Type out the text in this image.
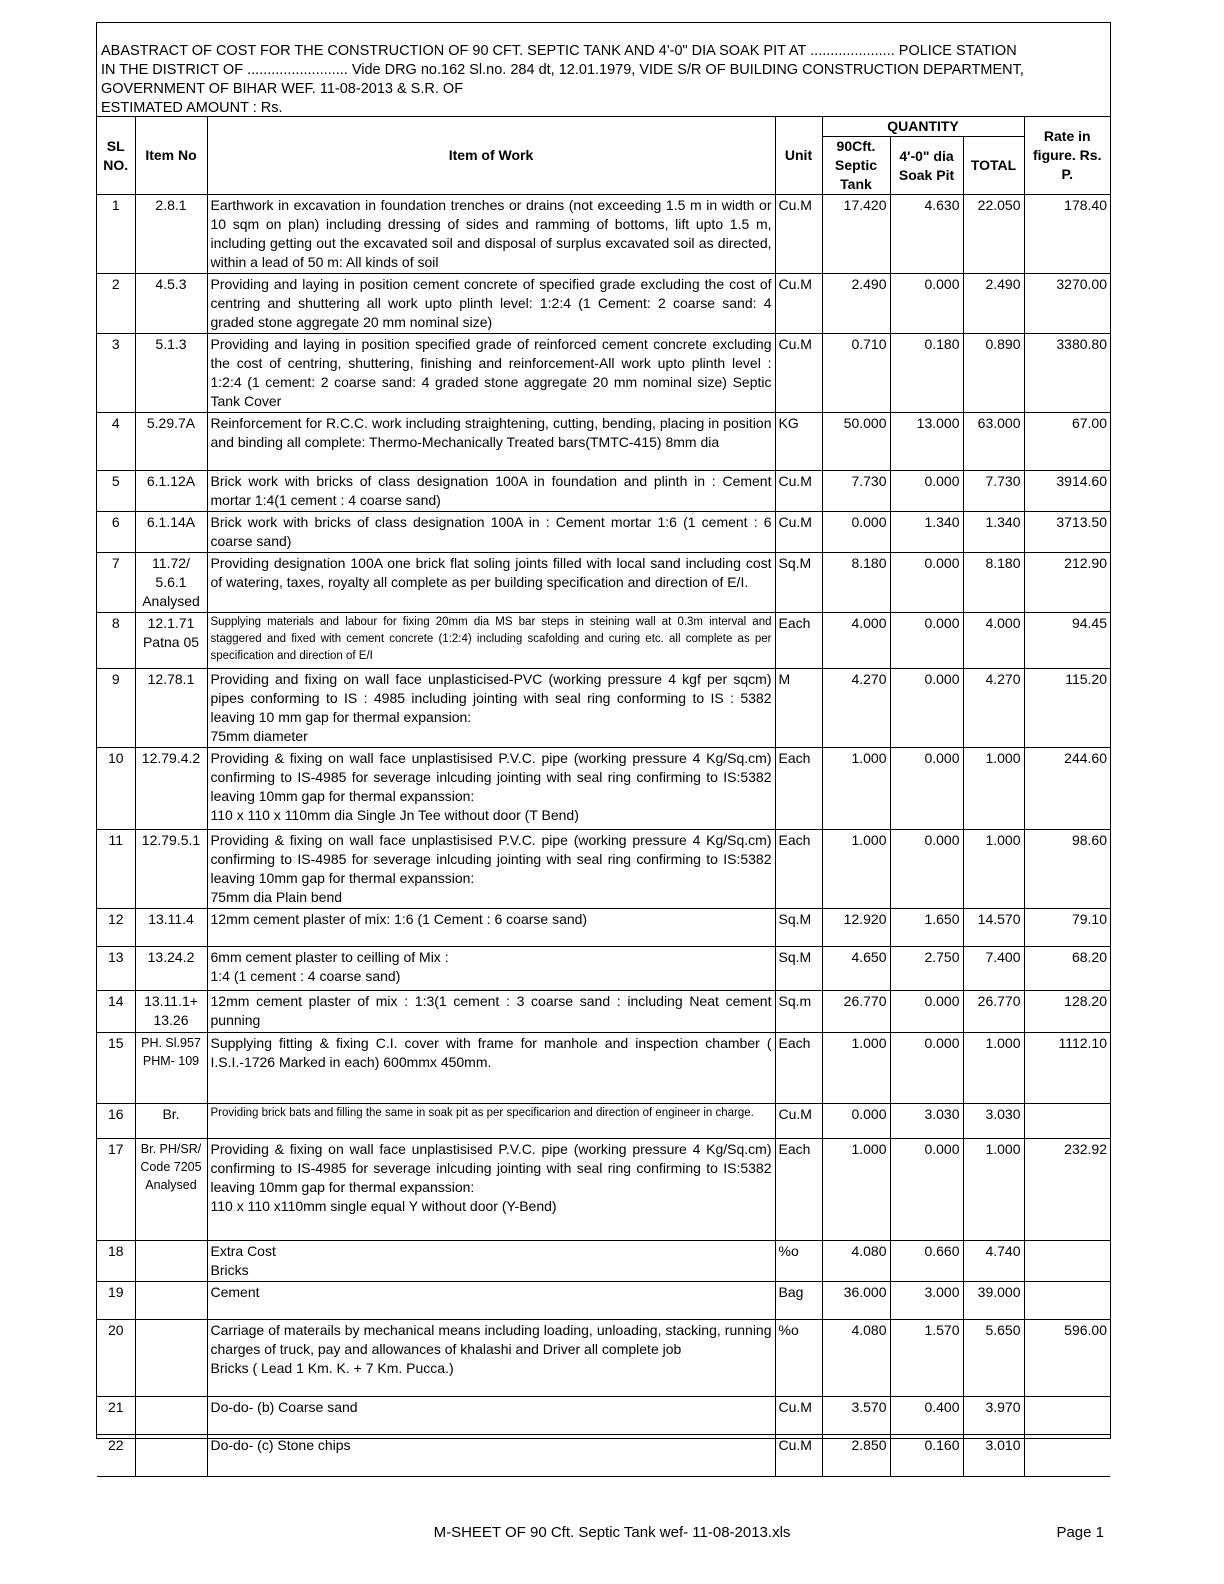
ABASTRACT OF COST FOR THE CONSTRUCTION OF 90 CFT. SEPTIC TANK AND 4'-0" DIA SOAK PIT AT ..................... POLICE STATION
IN THE DISTRICT OF ......................... Vide DRG no.162 Sl.no. 284 dt, 12.01.1979, VIDE S/R OF BUILDING CONSTRUCTION DEPARTMENT,
GOVERNMENT OF BIHAR WEF. 11-08-2013 & S.R. OF
ESTIMATED AMOUNT : Rs.
SL NO.	Item No	Item of Work	Unit	QUANTITY			Rate in figure. Rs. P.
				90Cft. Septic Tank	4'-0" dia Soak Pit	TOTAL	
1	2.8.1	Earthwork in excavation in foundation trenches or drains (not exceeding 1.5 m in width or 10 sqm on plan) including dressing of sides and ramming of bottoms, lift upto 1.5 m, including getting out the excavated soil and disposal of surplus excavated soil as directed, within a lead of 50 m: All kinds of soil	Cu.M	17.420	4.630	22.050	178.40
2	4.5.3	Providing and laying in position cement concrete of specified grade excluding the cost of centring and shuttering all work upto plinth level: 1:2:4 (1 Cement: 2 coarse sand: 4 graded stone aggregate 20 mm nominal size)	Cu.M	2.490	0.000	2.490	3270.00
3	5.1.3	Providing and laying in position specified grade of reinforced cement concrete excluding the cost of centring, shuttering, finishing and reinforcement-All work upto plinth level : 1:2:4 (1 cement: 2 coarse sand: 4 graded stone aggregate 20 mm nominal size) Septic Tank Cover	Cu.M	0.710	0.180	0.890	3380.80
4	5.29.7A	Reinforcement for R.C.C. work including straightening, cutting, bending, placing in position and binding all complete: Thermo-Mechanically Treated bars(TMTC-415) 8mm dia	KG	50.000	13.000	63.000	67.00
5	6.1.12A	Brick work with bricks of class designation 100A in foundation and plinth in : Cement mortar 1:4(1 cement : 4 coarse sand)	Cu.M	7.730	0.000	7.730	3914.60
6	6.1.14A	Brick work with bricks of class designation 100A in : Cement mortar 1:6 (1 cement : 6 coarse sand)	Cu.M	0.000	1.340	1.340	3713.50
7	11.72/ 5.6.1 Analysed	Providing designation 100A one brick flat soling joints filled with local sand including cost of watering, taxes, royalty all complete as per building specification and direction of E/I.	Sq.M	8.180	0.000	8.180	212.90
8	12.1.71 Patna 05	Supplying materials and labour for fixing 20mm dia MS bar steps in steining wall at 0.3m interval and staggered and fixed with cement concrete (1:2:4) including scafolding and curing etc. all complete as per specification and direction of E/I	Each	4.000	0.000	4.000	94.45
9	12.78.1	Providing and fixing on wall face unplasticised-PVC (working pressure 4 kgf per sqcm) pipes conforming to IS : 4985 including jointing with seal ring conforming to IS : 5382 leaving 10 mm gap for thermal expansion:
75mm diameter	M	4.270	0.000	4.270	115.20
10	12.79.4.2	Providing & fixing on wall face unplastisised P.V.C. pipe (working pressure 4 Kg/Sq.cm) confirming to IS-4985 for severage inlcuding jointing with seal ring confirming to IS:5382 leaving 10mm gap for thermal expanssion:
110 x 110 x 110mm dia Single Jn Tee without door (T Bend)	Each	1.000	0.000	1.000	244.60
11	12.79.5.1	Providing & fixing on wall face unplastisised P.V.C. pipe (working pressure 4 Kg/Sq.cm) confirming to IS-4985 for severage inlcuding jointing with seal ring confirming to IS:5382 leaving 10mm gap for thermal expanssion:
75mm dia Plain bend	Each	1.000	0.000	1.000	98.60
12	13.11.4	12mm cement plaster of mix: 1:6 (1 Cement : 6 coarse sand)	Sq.M	12.920	1.650	14.570	79.10
13	13.24.2	6mm cement plaster to ceilling of Mix :
1:4 (1 cement : 4 coarse sand)	Sq.M	4.650	2.750	7.400	68.20
14	13.11.1+ 13.26	12mm cement plaster of mix : 1:3(1 cement : 3 coarse sand : including Neat cement punning	Sq.m	26.770	0.000	26.770	128.20
15	PH. Sl.957 PHM- 109	Supplying fitting & fixing C.I. cover with frame for manhole and inspection chamber ( I.S.I.-1726 Marked in each) 600mmx 450mm.	Each	1.000	0.000	1.000	1112.10
16	Br.	Providing brick bats and filling the same in soak pit as per specificarion and direction of engineer in charge.	Cu.M	0.000	3.030	3.030	
17	Br. PH/SR/ Code 7205 Analysed	Providing & fixing on wall face unplastisised P.V.C. pipe (working pressure 4 Kg/Sq.cm) confirming to IS-4985 for severage inlcuding jointing with seal ring confirming to IS:5382 leaving 10mm gap for thermal expanssion:
110 x 110 x110mm single equal Y without door (Y-Bend)	Each	1.000	0.000	1.000	232.92
18		Extra Cost
Bricks	%o	4.080	0.660	4.740	
19		Cement	Bag	36.000	3.000	39.000	
20		Carriage of materails by mechanical means including loading, unloading, stacking, running charges of truck, pay and allowances of khalashi and Driver all complete job
Bricks ( Lead 1 Km. K. + 7 Km. Pucca.)	%o	4.080	1.570	5.650	596.00
21		Do-do- (b) Coarse sand	Cu.M	3.570	0.400	3.970	
22		Do-do- (c) Stone chips	Cu.M	2.850	0.160	3.010	
M-SHEET OF 90 Cft. Septic Tank wef- 11-08-2013.xls	Page 1
